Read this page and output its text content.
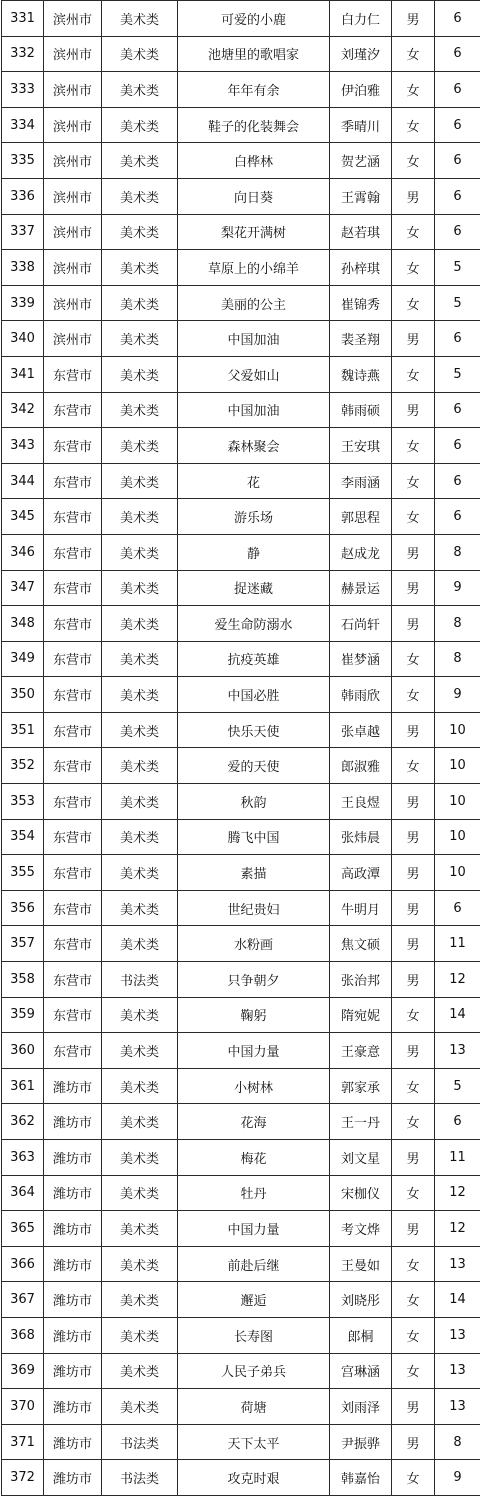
331	滨州市	美术类	可爱的小鹿	白力仁	男	6
332	滨州市	美术类	池塘里的歌唱家	刘瑾汐	女	6
333	滨州市	美术类	年年有余	伊泊雅	女	6
334	滨州市	美术类	鞋子的化装舞会	季晴川	女	6
335	滨州市	美术类	白桦林	贺艺涵	女	6
336	滨州市	美术类	向日葵	王霄翰	男	6
337	滨州市	美术类	梨花开满树	赵若琪	女	6
338	滨州市	美术类	草原上的小绵羊	孙梓琪	女	5
339	滨州市	美术类	美丽的公主	崔锦秀	女	5
340	滨州市	美术类	中国加油	裴圣翔	男	6
341	东营市	美术类	父爱如山	魏诗燕	女	5
342	东营市	美术类	中国加油	韩雨硕	男	6
343	东营市	美术类	森林聚会	王安琪	女	6
344	东营市	美术类	花	李雨涵	女	6
345	东营市	美术类	游乐场	郭思程	女	6
346	东营市	美术类	静	赵成龙	男	8
347	东营市	美术类	捉迷藏	赫景运	男	9
348	东营市	美术类	爱生命防溺水	石尚轩	男	8
349	东营市	美术类	抗疫英雄	崔梦涵	女	8
350	东营市	美术类	中国必胜	韩雨欣	女	9
351	东营市	美术类	快乐天使	张卓越	男	10
352	东营市	美术类	爱的天使	郎淑雅	女	10
353	东营市	美术类	秋韵	王良煜	男	10
354	东营市	美术类	腾飞中国	张炜晨	男	10
355	东营市	美术类	素描	高政潭	男	10
356	东营市	美术类	世纪贵妇	牛明月	男	6
357	东营市	美术类	水粉画	焦文硕	男	11
358	东营市	书法类	只争朝夕	张治邦	男	12
359	东营市	美术类	鞠躬	隋宛妮	女	14
360	东营市	美术类	中国力量	王豪意	男	13
361	潍坊市	美术类	小树林	郭家承	女	5
362	潍坊市	美术类	花海	王一丹	女	6
363	潍坊市	美术类	梅花	刘文星	男	11
364	潍坊市	美术类	牡丹	宋枷仪	女	12
365	潍坊市	美术类	中国力量	考文烨	男	12
366	潍坊市	美术类	前赴后继	王曼如	女	13
367	潍坊市	美术类	邂逅	刘晓彤	女	14
368	潍坊市	美术类	长寿图	郎桐	女	13
369	潍坊市	美术类	人民子弟兵	宫琳涵	女	13
370	潍坊市	美术类	荷塘	刘雨泽	男	13
371	潍坊市	书法类	天下太平	尹振骅	男	8
372	潍坊市	书法类	攻克时艰	韩嘉怡	女	9
